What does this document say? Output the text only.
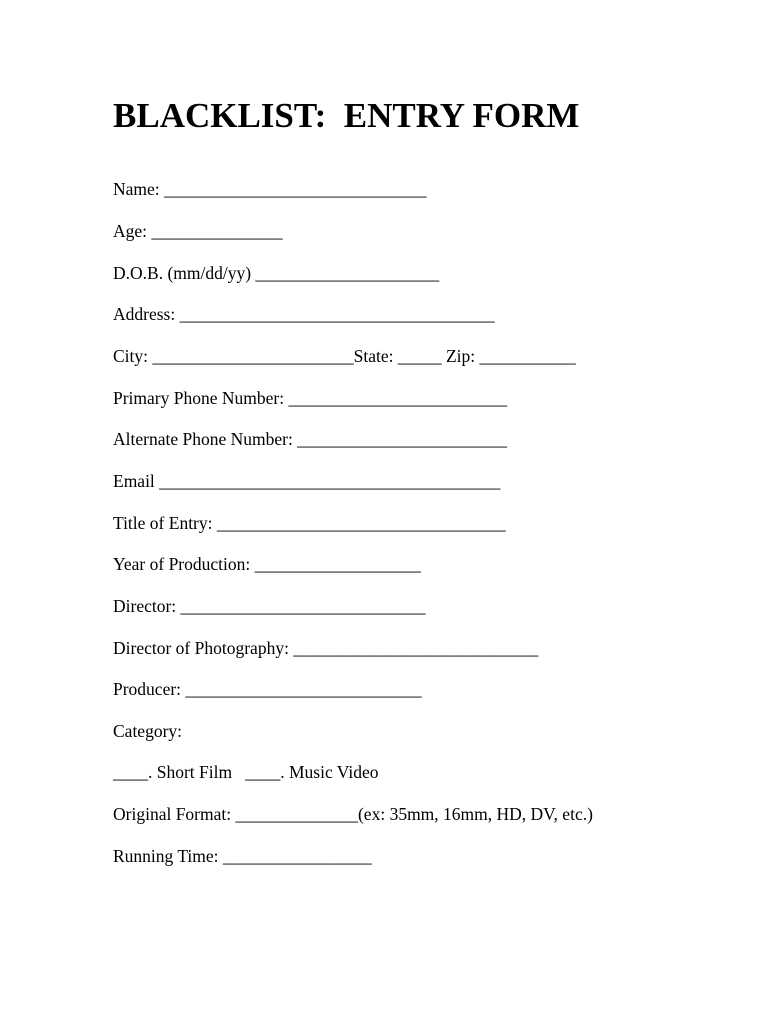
BLACKLIST:  ENTRY FORM

Name: ______________________________

Age: _______________

D.O.B. (mm/dd/yy) _____________________

Address: ____________________________________

City: _______________________State: _____ Zip: ___________

Primary Phone Number: _________________________

Alternate Phone Number: ________________________

Email _______________________________________

Title of Entry: _________________________________

Year of Production: ___________________

Director: ____________________________

Director of Photography: ____________________________

Producer: ___________________________

Category:

____. Short Film   ____. Music Video

Original Format: ______________(ex: 35mm, 16mm, HD, DV, etc.)

Running Time: _________________
